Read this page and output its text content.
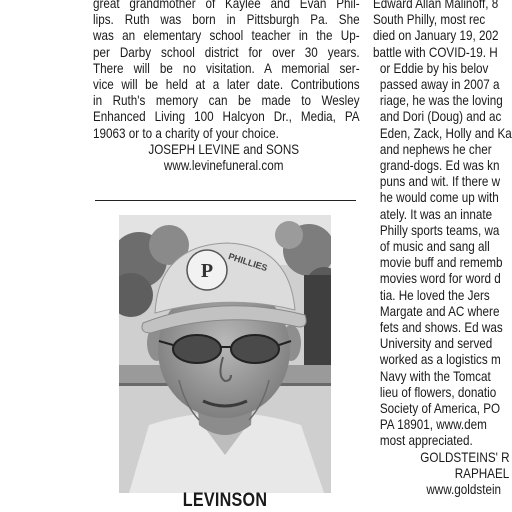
great grandmother of Kaylee and Evan Phil-
lips. Ruth was born in Pittsburgh Pa. She
was an elementary school teacher in the Up-
per Darby school district for over 30 years.
There will be no visitation. A memorial ser-
vice will be held at a later date. Contributions
in Ruth's memory can be made to Wesley
Enhanced Living 100 Halcyon Dr., Media, PA
19063 or to a charity of your choice.
JOSEPH LEVINE and SONS
www.levinefuneral.com
P PHILLIES
LEVINSON
Edward Allan Malinoff, 8
South Philly, most rec
died on January 19, 202
battle with COVID-19. H
or Eddie by his belov
passed away in 2007 a
riage, he was the loving
and Dori (Doug) and ac
Eden, Zack, Holly and Ka
and nephews he cher
grand-dogs. Ed was kn
puns and wit. If there w
he would come up with
ately. It was an innate
Philly sports teams, wa
of music and sang all
movie buff and rememb
movies word for word d
tia. He loved the Jers
Margate and AC where
fets and shows. Ed was
University and served
worked as a logistics m
Navy with the Tomcat
lieu of flowers, donatio
Society of America, PO
PA 18901, www.dem
most appreciated.
GOLDSTEINS' R
RAPHAEL
www.goldstein
